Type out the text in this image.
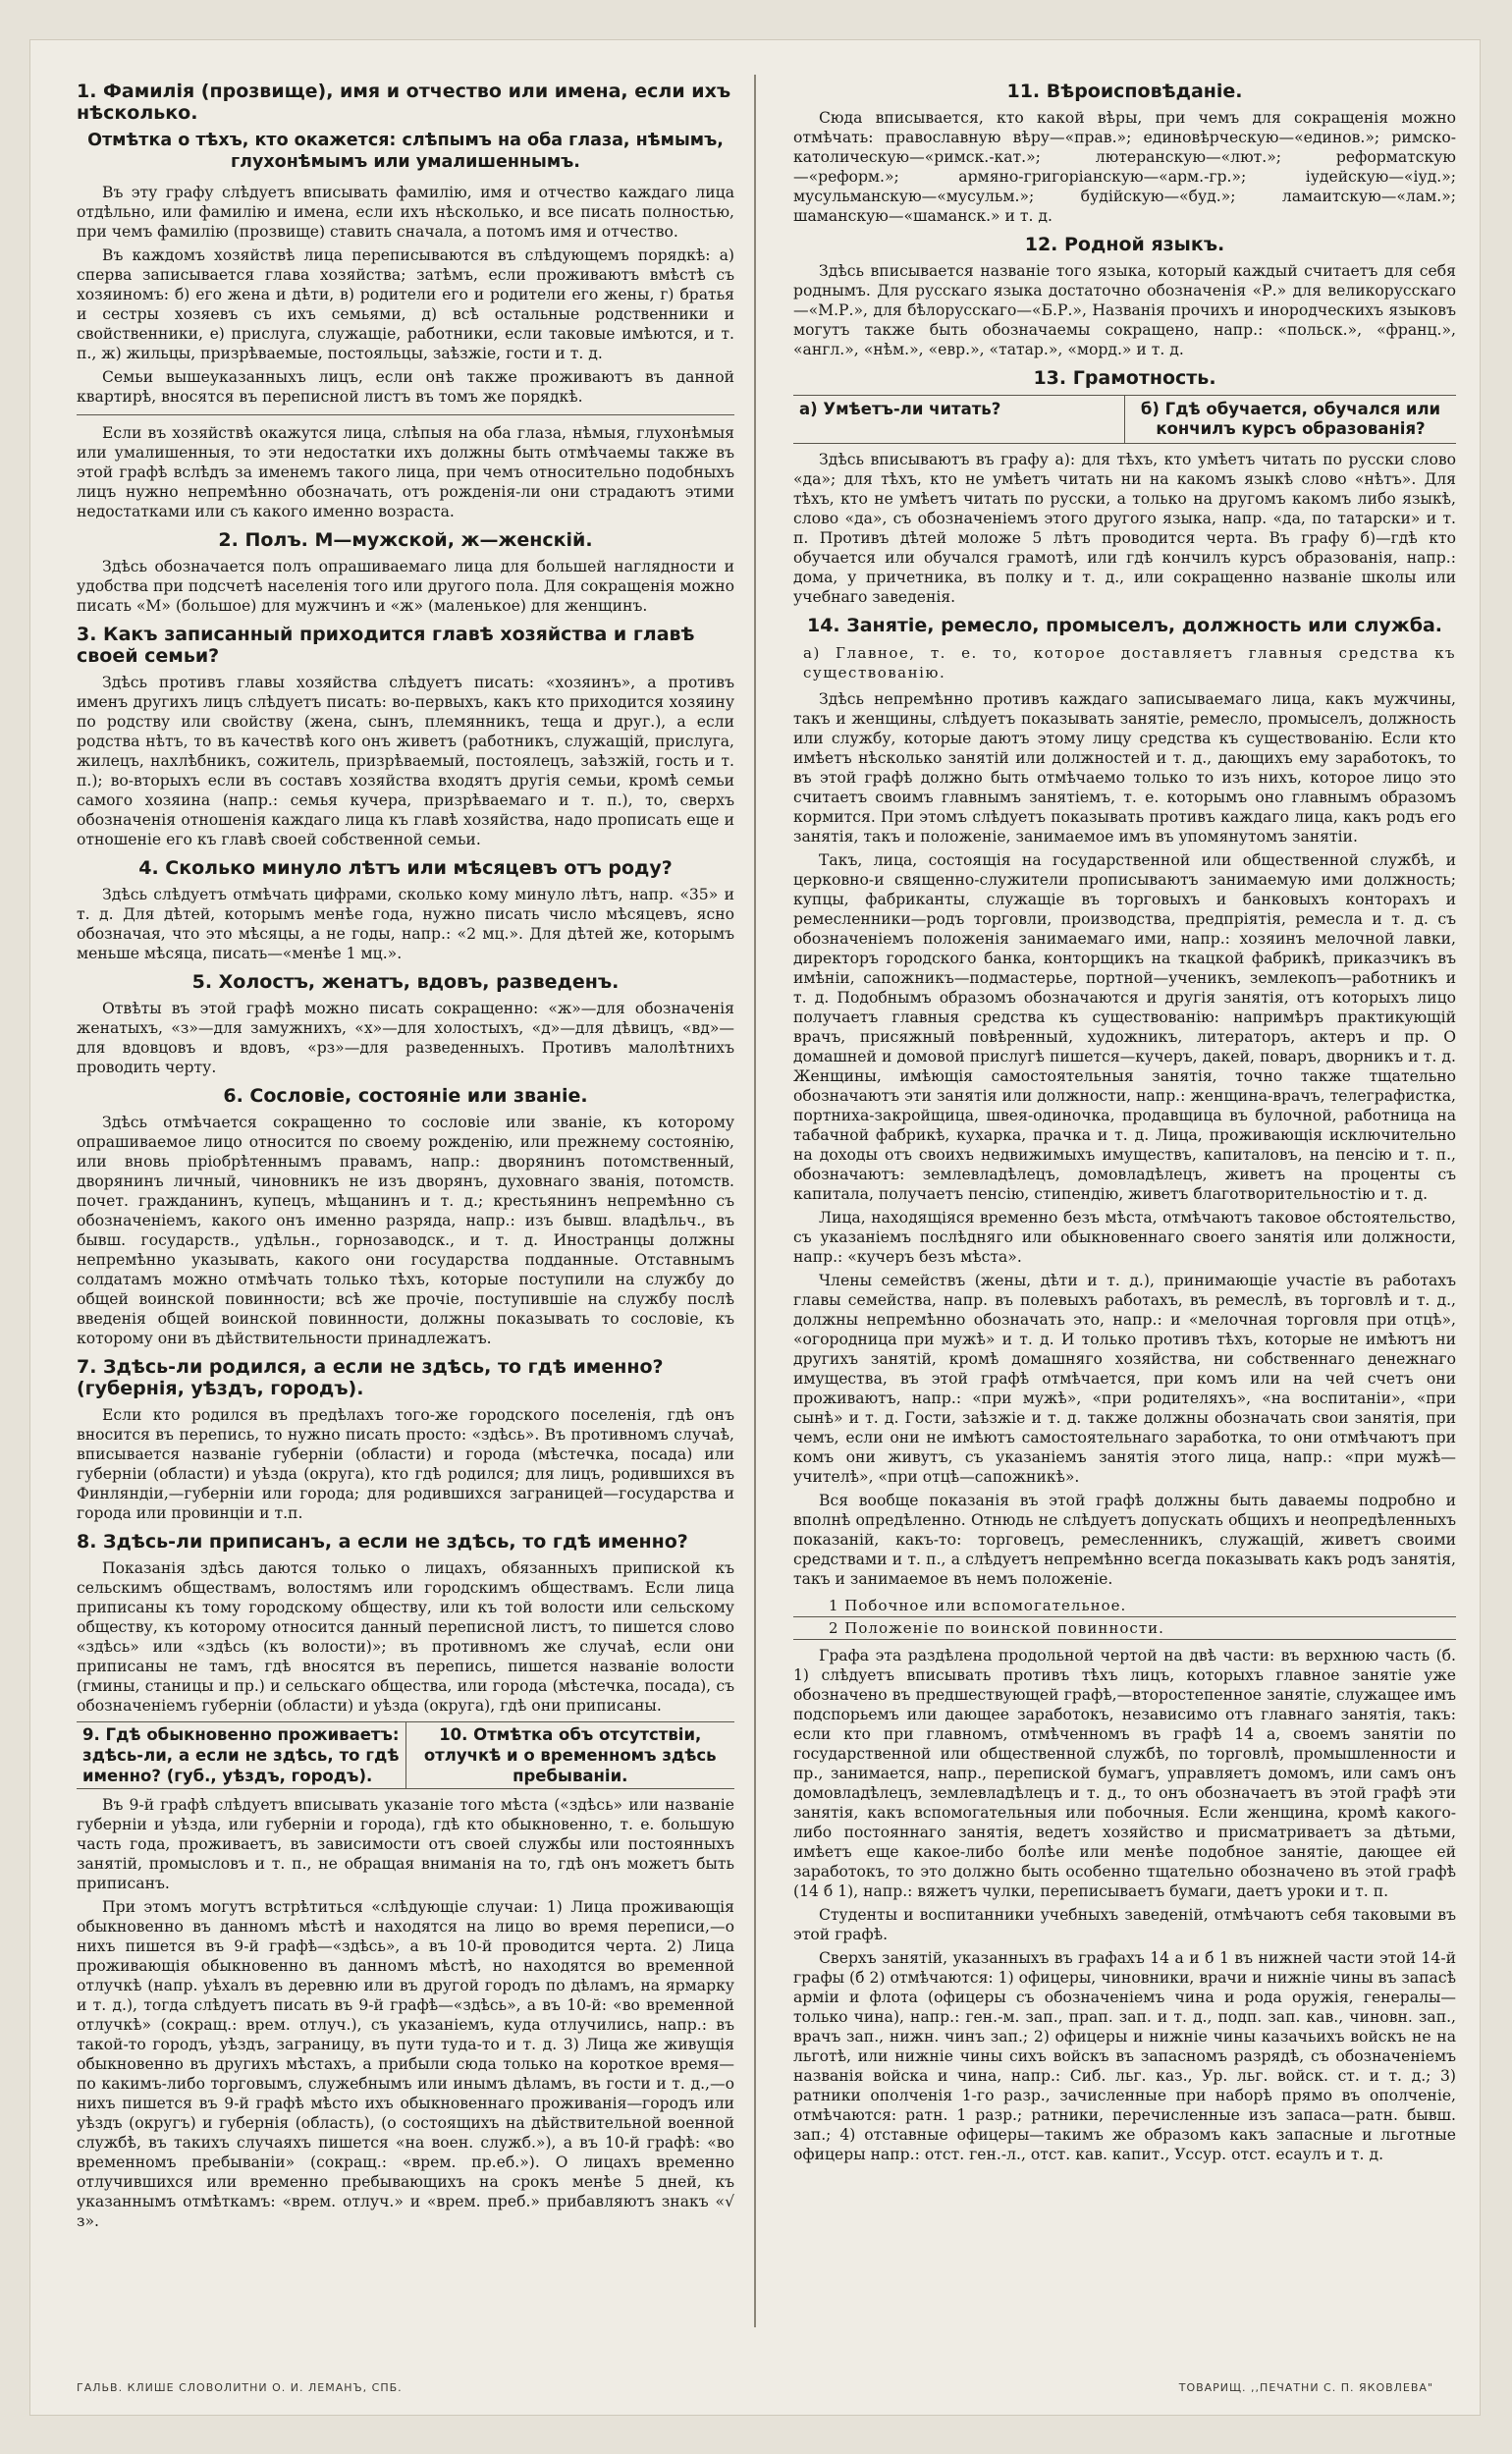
1. Фамилія (прозвище), имя и отчество или имена, если ихъ нѣсколько.
Отмѣтка о тѣхъ, кто окажется: слѣпымъ на оба глаза, нѣмымъ, глухонѣмымъ или умалишеннымъ.

Въ эту графу слѣдуетъ вписывать фамилію, имя и отчество каждаго лица отдѣльно, или фамилію и имена, если ихъ нѣсколько, и все писать полностью, при чемъ фамилію (прозвище) ставить сначала, а потомъ имя и отчество.

Въ каждомъ хозяйствѣ лица переписываются въ слѣдующемъ порядкѣ: а) сперва записывается глава хозяйства; затѣмъ, если проживаютъ вмѣстѣ съ хозяиномъ: б) его жена и дѣти, в) родители его и родители его жены, г) братья и сестры хозяевъ съ ихъ семьями, д) всѣ остальные родственники и свойственники, е) прислуга, служащіе, работники, если таковые имѣются, и т. п., ж) жильцы, призрѣваемые, постояльцы, заѣзжіе, гости и т. д.

Семьи вышеуказанныхъ лицъ, если онѣ также проживаютъ въ данной квартирѣ, вносятся въ переписной листъ въ томъ же порядкѣ.

Если въ хозяйствѣ окажутся лица, слѣпыя на оба глаза, нѣмыя, глухонѣмыя или умалишенныя, то эти недостатки ихъ должны быть отмѣчаемы также въ этой графѣ вслѣдъ за именемъ такого лица, при чемъ относительно подобныхъ лицъ нужно непремѣнно обозначать, отъ рожденія-ли они страдаютъ этими недостатками или съ какого именно возраста.

2. Полъ. М—мужской, ж—женскій.

Здѣсь обозначается полъ опрашиваемаго лица для большей наглядности и удобства при подсчетѣ населенія того или другого пола. Для сокращенія можно писать «М» (большое) для мужчинъ и «ж» (маленькое) для женщинъ.

3. Какъ записанный приходится главѣ хозяйства и главѣ своей семьи?

Здѣсь противъ главы хозяйства слѣдуетъ писать: «хозяинъ», а противъ именъ другихъ лицъ слѣдуетъ писать: во-первыхъ, какъ кто приходится хозяину по родству или свойству (жена, сынъ, племянникъ, теща и друг.), а если родства нѣтъ, то въ качествѣ кого онъ живетъ (работникъ, служащій, прислуга, жилецъ, нахлѣбникъ, сожитель, призрѣваемый, постоялецъ, заѣзжій, гость и т. п.); во-вторыхъ если въ составъ хозяйства входятъ другія семьи, кромѣ семьи самого хозяина (напр.: семья кучера, призрѣваемаго и т. п.), то, сверхъ обозначенія отношенія каждаго лица къ главѣ хозяйства, надо прописать еще и отношеніе его къ главѣ своей собственной семьи.

4. Сколько минуло лѣтъ или мѣсяцевъ отъ роду?

Здѣсь слѣдуетъ отмѣчать цифрами, сколько кому минуло лѣтъ, напр. «35» и т. д. Для дѣтей, которымъ менѣе года, нужно писать число мѣсяцевъ, ясно обозначая, что это мѣсяцы, а не годы, напр.: «2 мц.». Для дѣтей же, которымъ меньше мѣсяца, писать—«менѣе 1 мц.».

5. Холостъ, женатъ, вдовъ, разведенъ.

Отвѣты въ этой графѣ можно писать сокращенно: «ж»—для обозначенія женатыхъ, «з»—для замужнихъ, «х»—для холостыхъ, «д»—для дѣвицъ, «вд»—для вдовцовъ и вдовъ, «рз»—для разведенныхъ. Противъ малолѣтнихъ проводить черту.

6. Сословіе, состояніе или званіе.

Здѣсь отмѣчается сокращенно то сословіе или званіе, къ которому опрашиваемое лицо относится по своему рожденію, или прежнему состоянію, или вновь пріобрѣтеннымъ правамъ, напр.: дворянинъ потомственный, дворянинъ личный, чиновникъ не изъ дворянъ, духовнаго званія, потомств. почет. гражданинъ, купецъ, мѣщанинъ и т. д.; крестьянинъ непремѣнно съ обозначеніемъ, какого онъ именно разряда, напр.: изъ бывш. владѣльч., въ бывш. государств., удѣльн., горнозаводск., и т. д. Иностранцы должны непремѣнно указывать, какого они государства подданные. Отставнымъ солдатамъ можно отмѣчать только тѣхъ, которые поступили на службу до общей воинской повинности; всѣ же прочіе, поступившіе на службу послѣ введенія общей воинской повинности, должны показывать то сословіе, къ которому они въ дѣйствительности принадлежатъ.

7. Здѣсь-ли родился, а если не здѣсь, то гдѣ именно? (губернія, уѣздъ, городъ).

Если кто родился въ предѣлахъ того-же городского поселенія, гдѣ онъ вносится въ перепись, то нужно писать просто: «здѣсь». Въ противномъ случаѣ, вписывается названіе губерніи (области) и города (мѣстечка, посада) или губерніи (области) и уѣзда (округа), кто гдѣ родился; для лицъ, родившихся въ Финляндіи,—губерніи или города; для родившихся заграницей—государства и города или провинціи и т.п.

8. Здѣсь-ли приписанъ, а если не здѣсь, то гдѣ именно?

Показанія здѣсь даются только о лицахъ, обязанныхъ припиской къ сельскимъ обществамъ, волостямъ или городскимъ обществамъ. Если лица приписаны къ тому городскому обществу, или къ той волости или сельскому обществу, къ которому относится данный переписной листъ, то пишется слово «здѣсь» или «здѣсь (къ волости)»; въ противномъ же случаѣ, если они приписаны не тамъ, гдѣ вносятся въ перепись, пишется названіе волости (гмины, станицы и пр.) и сельскаго общества, или города (мѣстечка, посада), съ обозначеніемъ губерніи (области) и уѣзда (округа), гдѣ они приписаны.

9. Гдѣ обыкновенно проживаетъ: здѣсь-ли, а если не здѣсь, то гдѣ именно? (губ., уѣздъ, городъ).
10. Отмѣтка объ отсутствіи, отлучкѣ и о временномъ здѣсь пребываніи.

Въ 9-й графѣ слѣдуетъ вписывать указаніе того мѣста («здѣсь» или названіе губерніи и уѣзда, или губерніи и города), гдѣ кто обыкновенно, т. е. большую часть года, проживаетъ, въ зависимости отъ своей службы или постоянныхъ занятій, промысловъ и т. п., не обращая вниманія на то, гдѣ онъ можетъ быть приписанъ.

При этомъ могутъ встрѣтиться «слѣдующіе случаи: 1) Лица проживающія обыкновенно въ данномъ мѣстѣ и находятся на лицо во время переписи,—о нихъ пишется въ 9-й графѣ—«здѣсь», а въ 10-й проводится черта. 2) Лица проживающія обыкновенно въ данномъ мѣстѣ, но находятся во временной отлучкѣ (напр. уѣхалъ въ деревню или въ другой городъ по дѣламъ, на ярмарку и т. д.), тогда слѣдуетъ писать въ 9-й графѣ—«здѣсь», а въ 10-й: «во временной отлучкѣ» (сокращ.: врем. отлуч.), съ указаніемъ, куда отлучились, напр.: въ такой-то городъ, уѣздъ, заграницу, въ пути туда-то и т. д. 3) Лица же живущія обыкновенно въ другихъ мѣстахъ, а прибыли сюда только на короткое время—по какимъ-либо торговымъ, служебнымъ или инымъ дѣламъ, въ гости и т. д.,—о нихъ пишется въ 9-й графѣ мѣсто ихъ обыкновеннаго проживанія—городъ или уѣздъ (округъ) и губернія (область), (о состоящихъ на дѣйствительной военной службѣ, въ такихъ случаяхъ пишется «на воен. служб.»), а въ 10-й графѣ: «во временномъ пребываніи» (сокращ.: «врем. пр.еб.»). О лицахъ временно отлучившихся или временно пребывающихъ на срокъ менѣе 5 дней, къ указаннымъ отмѣткамъ: «врем. отлуч.» и «врем. преб.» прибавляютъ знакъ «√ з».

11. Вѣроисповѣданіе.

Сюда вписывается, кто какой вѣры, при чемъ для сокращенія можно отмѣчать: православную вѣру—«прав.»; единовѣрческую—«единов.»; римско-католическую—«римск.-кат.»; лютеранскую—«лют.»; реформатскую—«реформ.»; армяно-григоріанскую—«арм.-гр.»; іудейскую—«іуд.»; мусульманскую—«мусульм.»; будійскую—«буд.»; ламаитскую—«лам.»; шаманскую—«шаманск.» и т. д.

12. Родной языкъ.

Здѣсь вписывается названіе того языка, который каждый считаетъ для себя роднымъ. Для русскаго языка достаточно обозначенія «Р.» для великорусскаго—«М.Р.», для бѣлорусскаго—«Б.Р.», Названія прочихъ и инородческихъ языковъ могутъ также быть обозначаемы сокращено, напр.: «польск.», «франц.», «англ.», «нѣм.», «евр.», «татар.», «морд.» и т. д.

13. Грамотность.
а) Умѣетъ-ли читать?	б) Гдѣ обучается, обучался или кончилъ курсъ образованія?

Здѣсь вписываютъ въ графу а): для тѣхъ, кто умѣетъ читать по русски слово «да»; для тѣхъ, кто не умѣетъ читать ни на какомъ языкѣ слово «нѣтъ». Для тѣхъ, кто не умѣетъ читать по русски, а только на другомъ какомъ либо языкѣ, слово «да», съ обозначеніемъ этого другого языка, напр. «да, по татарски» и т. п. Противъ дѣтей моложе 5 лѣтъ проводится черта. Въ графу б)—гдѣ кто обучается или обучался грамотѣ, или гдѣ кончилъ курсъ образованія, напр.: дома, у причетника, въ полку и т. д., или сокращенно названіе школы или учебнаго заведенія.

14. Занятіе, ремесло, промыселъ, должность или служба.
а) Главное, т. е. то, которое доставляетъ главныя средства къ существованію.

Здѣсь непремѣнно противъ каждаго записываемаго лица, какъ мужчины, такъ и женщины, слѣдуетъ показывать занятіе, ремесло, промыселъ, должность или службу, которые даютъ этому лицу средства къ существованію. Если кто имѣетъ нѣсколько занятій или должностей и т. д., дающихъ ему заработокъ, то въ этой графѣ должно быть отмѣчаемо только то изъ нихъ, которое лицо это считаетъ своимъ главнымъ занятіемъ, т. е. которымъ оно главнымъ образомъ кормится. При этомъ слѣдуетъ показывать противъ каждаго лица, какъ родъ его занятія, такъ и положеніе, занимаемое имъ въ упомянутомъ занятіи.

Такъ, лица, состоящія на государственной или общественной службѣ, и церковно-и священно-служители прописываютъ занимаемую ими должность; купцы, фабриканты, служащіе въ торговыхъ и банковыхъ конторахъ и ремесленники—родъ торговли, производства, предпріятія, ремесла и т. д. съ обозначеніемъ положенія занимаемаго ими, напр.: хозяинъ мелочной лавки, директоръ городского банка, конторщикъ на ткацкой фабрикѣ, приказчикъ въ имѣніи, сапожникъ—подмастерье, портной—ученикъ, землекопъ—работникъ и т. д. Подобнымъ образомъ обозначаются и другія занятія, отъ которыхъ лицо получаетъ главныя средства къ существованію: напримѣръ практикующій врачъ, присяжный повѣренный, художникъ, литераторъ, актеръ и пр. О домашней и домовой прислугѣ пишется—кучеръ, дакей, поваръ, дворникъ и т. д. Женщины, имѣющія самостоятельныя занятія, точно также тщательно обозначаютъ эти занятія или должности, напр.: женщина-врачъ, телеграфистка, портниха-закройщица, швея-одиночка, продавщица въ булочной, работница на табачной фабрикѣ, кухарка, прачка и т. д. Лица, проживающія исключительно на доходы отъ своихъ недвижимыхъ имуществъ, капиталовъ, на пенсію и т. п., обозначаютъ: землевладѣлецъ, домовладѣлецъ, живетъ на проценты съ капитала, получаетъ пенсію, стипендію, живетъ благотворительностію и т. д.

Лица, находящіяся временно безъ мѣста, отмѣчаютъ таковое обстоятельство, съ указаніемъ послѣдняго или обыкновеннаго своего занятія или должности, напр.: «кучеръ безъ мѣста».

Члены семействъ (жены, дѣти и т. д.), принимающіе участіе въ работахъ главы семейства, напр. въ полевыхъ работахъ, въ ремеслѣ, въ торговлѣ и т. д., должны непремѣнно обозначать это, напр.: и «мелочная торговля при отцѣ», «огородница при мужѣ» и т. д. И только противъ тѣхъ, которые не имѣютъ ни другихъ занятій, кромѣ домашняго хозяйства, ни собственнаго денежнаго имущества, въ этой графѣ отмѣчается, при комъ или на чей счетъ они проживаютъ, напр.: «при мужѣ», «при родителяхъ», «на воспитаніи», «при сынѣ» и т. д. Гости, заѣзжіе и т. д. также должны обозначать свои занятія, при чемъ, если они не имѣютъ самостоятельнаго заработка, то они отмѣчаютъ при комъ они живутъ, съ указаніемъ занятія этого лица, напр.: «при мужѣ—учителѣ», «при отцѣ—сапожникѣ».

Вся вообще показанія въ этой графѣ должны быть даваемы подробно и вполнѣ опредѣленно. Отнюдь не слѣдуетъ допускать общихъ и неопредѣленныхъ показаній, какъ-то: торговецъ, ремесленникъ, служащій, живетъ своими средствами и т. п., а слѣдуетъ непремѣнно всегда показывать какъ родъ занятія, такъ и занимаемое въ немъ положеніе.

1 Побочное или вспомогательное.
2 Положеніе по воинской повинности.

Графа эта раздѣлена продольной чертой на двѣ части: въ верхнюю часть (б. 1) слѣдуетъ вписывать противъ тѣхъ лицъ, которыхъ главное занятіе уже обозначено въ предшествующей графѣ,—второстепенное занятіе, служащее имъ подспорьемъ или дающее заработокъ, независимо отъ главнаго занятія, такъ: если кто при главномъ, отмѣченномъ въ графѣ 14 а, своемъ занятіи по государственной или общественной службѣ, по торговлѣ, промышленности и пр., занимается, напр., перепиской бумагъ, управляетъ домомъ, или самъ онъ домовладѣлецъ, землевладѣлецъ и т. д., то онъ обозначаетъ въ этой графѣ эти занятія, какъ вспомогательныя или побочныя. Если женщина, кромѣ какого-либо постояннаго занятія, ведетъ хозяйство и присматриваетъ за дѣтьми, имѣетъ еще какое-либо болѣе или менѣе подобное занятіе, дающее ей заработокъ, то это должно быть особенно тщательно обозначено въ этой графѣ (14 б 1), напр.: вяжетъ чулки, переписываетъ бумаги, даетъ уроки и т. п.

Студенты и воспитанники учебныхъ заведеній, отмѣчаютъ себя таковыми въ этой графѣ.

Сверхъ занятій, указанныхъ въ графахъ 14 а и б 1 въ нижней части этой 14-й графы (б 2) отмѣчаются: 1) офицеры, чиновники, врачи и нижніе чины въ запасѣ арміи и флота (офицеры съ обозначеніемъ чина и рода оружія, генералы—только чина), напр.: ген.-м. зап., прап. зап. и т. д., подп. зап. кав., чиновн. зап., врачъ зап., нижн. чинъ зап.; 2) офицеры и нижніе чины казачьихъ войскъ не на льготѣ, или нижніе чины сихъ войскъ въ запасномъ разрядѣ, съ обозначеніемъ названія войска и чина, напр.: Сиб. льг. каз., Ур. льг. войск. ст. и т. д.; 3) ратники ополченія 1-го разр., зачисленные при наборѣ прямо въ ополченіе, отмѣчаются: ратн. 1 разр.; ратники, перечисленные изъ запаса—ратн. бывш. зап.; 4) отставные офицеры—такимъ же образомъ какъ запасные и льготные офицеры напр.: отст. ген.-л., отст. кав. капит., Уссур. отст. есаулъ и т. д.

ГАЛЬВ. КЛИШЕ СЛОВОЛИТНИ О. И. ЛЕМАНЪ, СПБ.	ТОВАРИЩ. ,,ПЕЧАТНИ С. П. ЯКОВЛЕВА"
